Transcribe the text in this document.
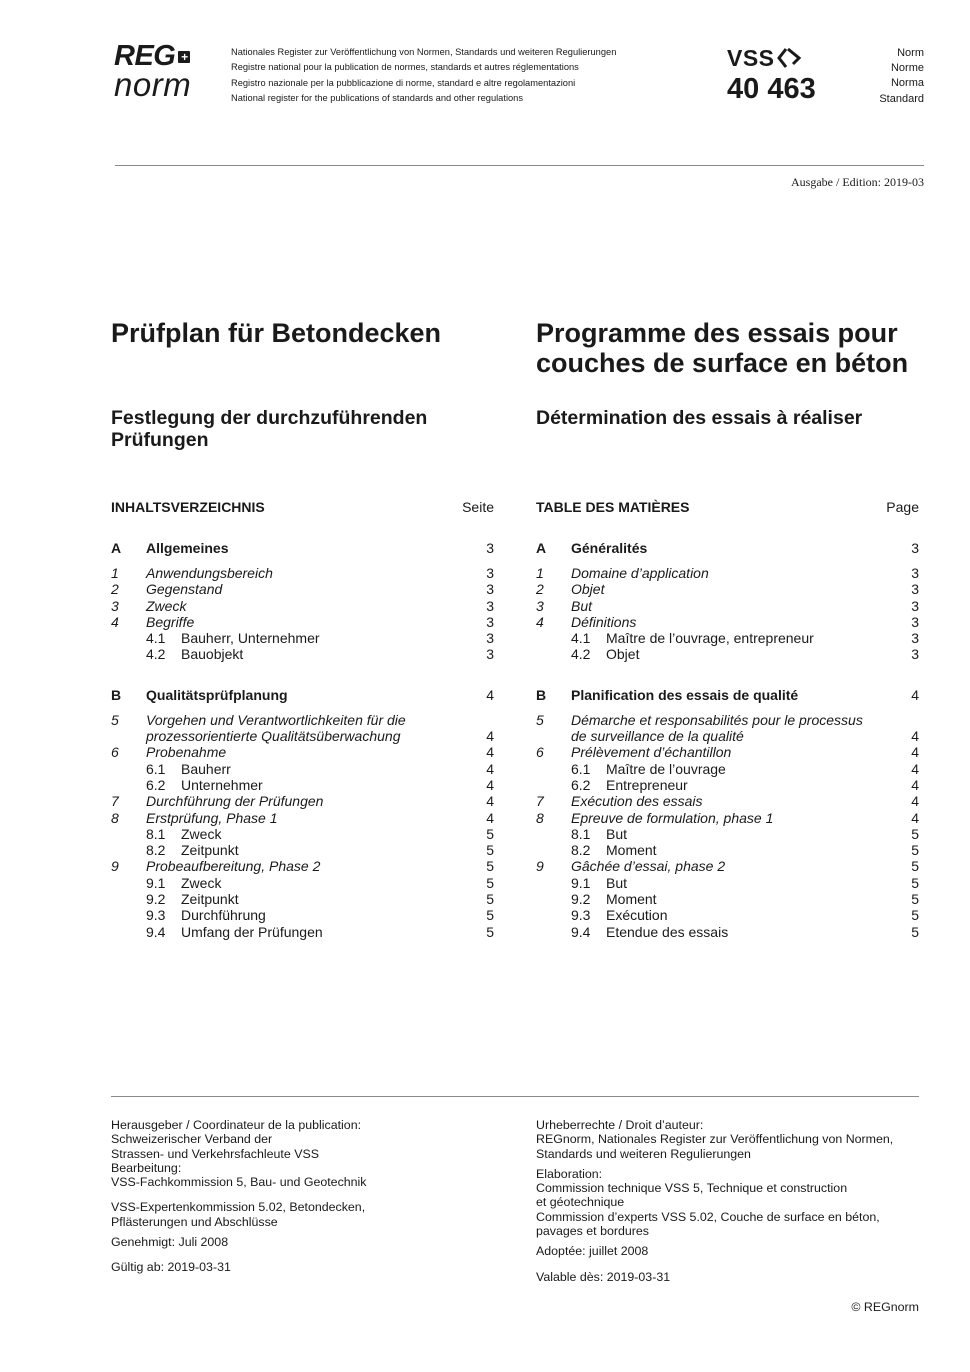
REG +
norm
Nationales Register zur Veröffentlichung von Normen, Standards und weiteren Regulierungen
Registre national pour la publication de normes, standards et autres réglementations
Registro nazionale per la pubblicazione di norme, standard e altre regolamentazioni
National register for the publications of standards and other regulations
VSS
40 463
Norm
Norme
Norma
Standard
Ausgabe / Edition: 2019-03
Prüfplan für Betondecken	Programme des essais pour
couches de surface en béton
Festlegung der durchzuführenden
Prüfungen
Détermination des essais à réaliser
INHALTSVERZEICHNIS	Seite
A	Allgemeines	3
1	Anwendungsbereich	3
2	Gegenstand	3
3	Zweck	3
4	Begriffe	3
4.1 Bauherr, Unternehmer	3
4.2 Bauobjekt	3
B	Qualitätsprüfplanung	4
5	Vorgehen und Verantwortlichkeiten für die
prozessorientierte Qualitätsüberwachung	4
6	Probenahme	4
6.1 Bauherr	4
6.2 Unternehmer	4
7	Durchführung der Prüfungen	4
8	Erstprüfung, Phase 1	4
8.1 Zweck	5
8.2 Zeitpunkt	5
9	Probeaufbereitung, Phase 2	5
9.1 Zweck	5
9.2 Zeitpunkt	5
9.3 Durchführung	5
9.4 Umfang der Prüfungen	5
TABLE DES MATIÈRES	Page
A	Généralités	3
1	Domaine d’application	3
2	Objet	3
3	But	3
4	Définitions	3
4.1 Maître de l’ouvrage, entrepreneur	3
4.2 Objet	3
B	Planification des essais de qualité	4
5	Démarche et responsabilités pour le processus
de surveillance de la qualité	4
6	Prélèvement d’échantillon	4
6.1 Maître de l’ouvrage	4
6.2 Entrepreneur	4
7	Exécution des essais	4
8	Epreuve de formulation, phase 1	4
8.1 But	5
8.2 Moment	5
9	Gâchée d’essai, phase 2	5
9.1 But	5
9.2 Moment	5
9.3 Exécution	5
9.4 Etendue des essais	5
Herausgeber / Coordinateur de la publication:
Schweizerischer Verband der
Strassen- und Verkehrsfachleute VSS
Bearbeitung:
VSS-Fachkommission 5, Bau- und Geotechnik
VSS-Expertenkommission 5.02, Betondecken,
Pflästerungen und Abschlüsse
Genehmigt: Juli 2008
Gültig ab: 2019-03-31
Urheberrechte / Droit d’auteur:
REGnorm, Nationales Register zur Veröffentlichung von Normen,
Standards und weiteren Regulierungen
Elaboration:
Commission technique VSS 5, Technique et construction
et géotechnique
Commission d’experts VSS 5.02, Couche de surface en béton,
pavages et bordures
Adoptée: juillet 2008
Valable dès: 2019-03-31
© REGnorm
